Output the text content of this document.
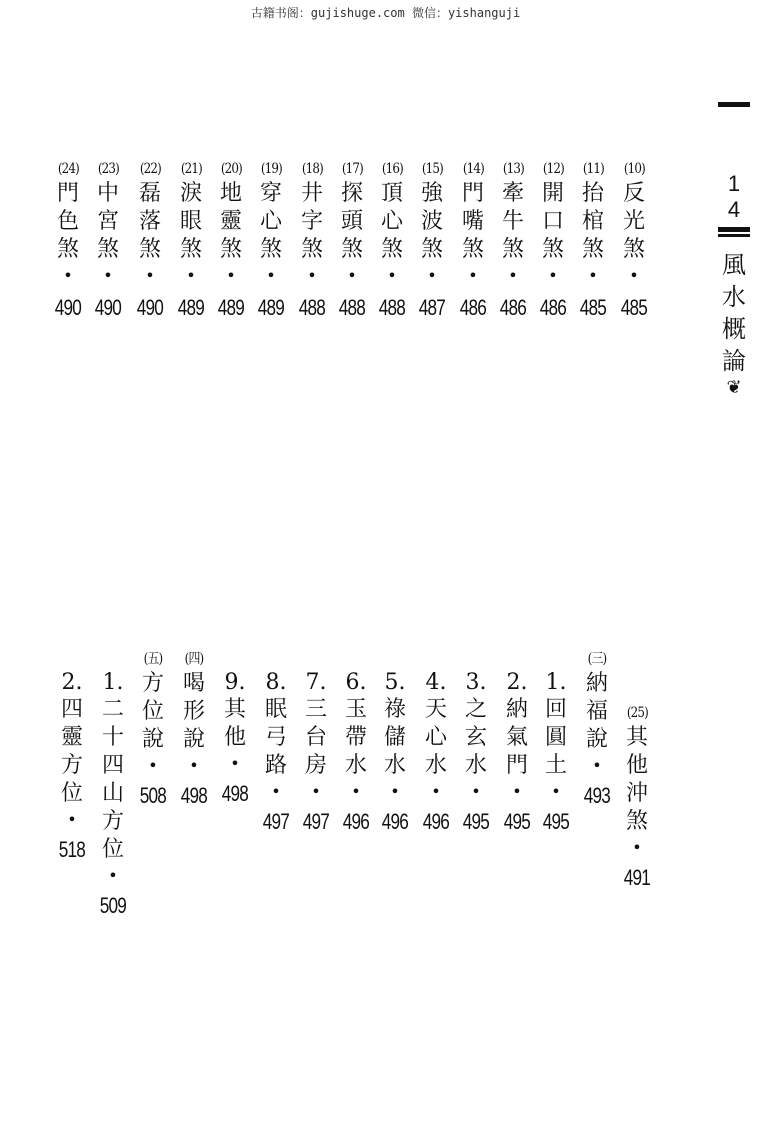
古籍书阁：gujishuge.com 微信：yishanguji
(10)
反
光
煞
•
485
(11)
抬
棺
煞
•
485
(12)
開
口
煞
•
486
(13)
牽
牛
煞
•
486
(14)
門
嘴
煞
•
486
(15)
強
波
煞
•
487
(16)
頂
心
煞
•
488
(17)
探
頭
煞
•
488
(18)
井
字
煞
•
488
(19)
穿
心
煞
•
489
(20)
地
靈
煞
•
489
(21)
淚
眼
煞
•
489
(22)
磊
落
煞
•
490
(23)
中
宮
煞
•
490
(24)
門
色
煞
•
490
(25)
其
他
沖
煞
•
491
(三)
納
福
說
•
493
1.
回
圓
土
•
495
2.
納
氣
門
•
495
3.
之
玄
水
•
495
4.
天
心
水
•
496
5.
祿
儲
水
•
496
6.
玉
帶
水
•
496
7.
三
台
房
•
497
8.
眠
弓
路
•
497
9.
其
他
•
498
(四)
喝
形
說
•
498
(五)
方
位
說
•
508
1.
二
十
四
山
方
位
•
509
2.
四
靈
方
位
•
518
1
4
風
水
概
論
❦
